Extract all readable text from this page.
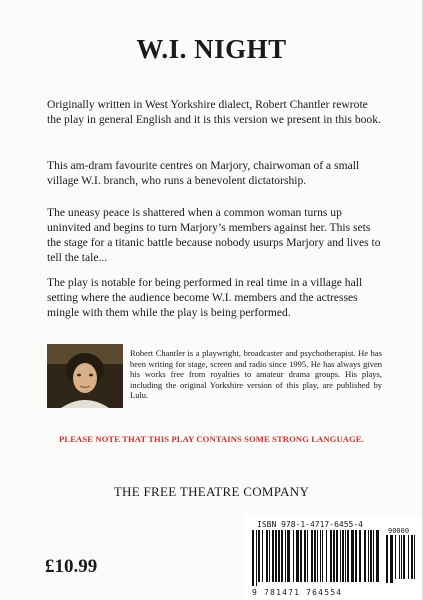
W.I. NIGHT

Originally written in West Yorkshire dialect, Robert Chantler rewrote the play in general English and it is this version we present in this book.

This am-dram favourite centres on Marjory, chairwoman of a small village W.I. branch, who runs a benevolent dictatorship.

The uneasy peace is shattered when a common woman turns up uninvited and begins to turn Marjory’s members against her. This sets the stage for a titanic battle because nobody usurps Marjory and lives to tell the tale...

The play is notable for being performed in real time in a village hall setting where the audience become W.I. members and the actresses mingle with them while the play is being performed.

Robert Chantler is a playwright, broadcaster and psychotherapist. He has been writing for stage, screen and radio since 1995. He has always given his works free from royalties to amateur drama groups. His plays, including the original Yorkshire version of this play, are published by Lulu.

PLEASE NOTE THAT THIS PLAY CONTAINS SOME STRONG LANGUAGE.
THE FREE THEATRE COMPANY
£10.99
ISBN 978-1-4717-6455-4
9 781471 764554
90000
